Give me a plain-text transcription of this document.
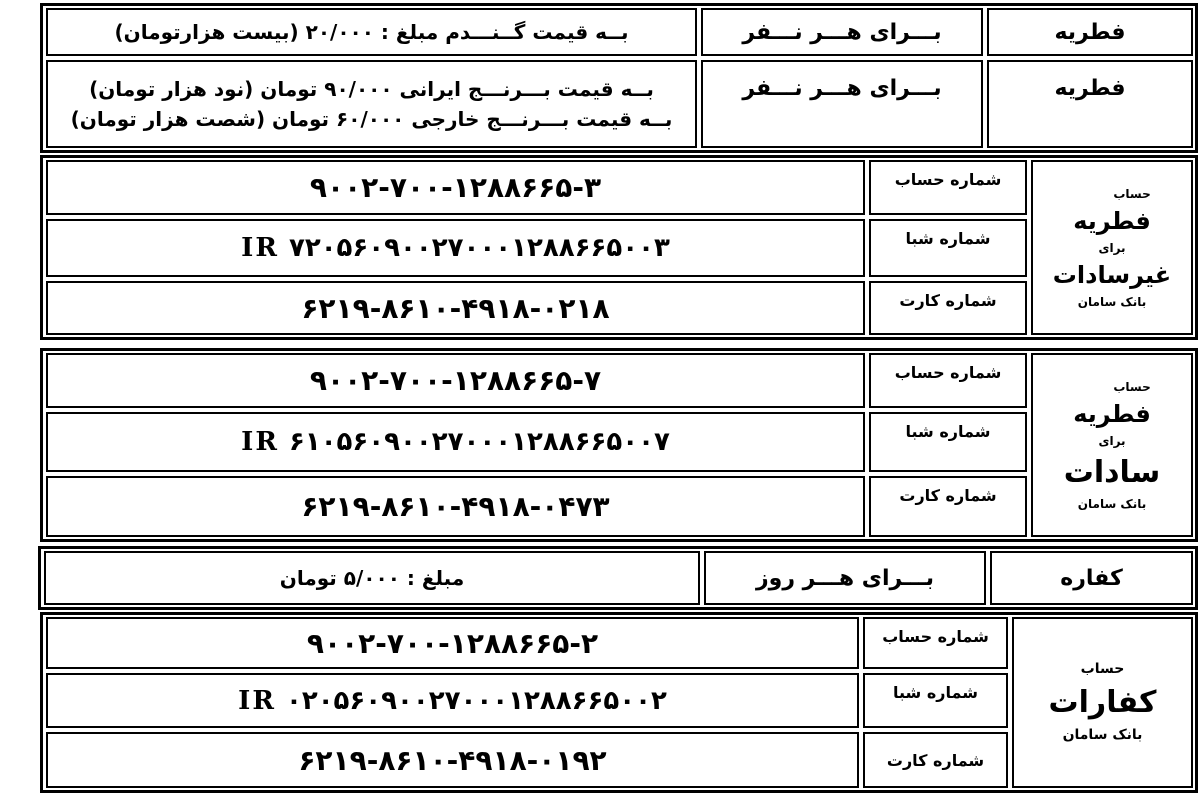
فطریه
بـــرای هـــر نـــفر
بــه قیمت گــنـــدم مبلغ : ۲۰/۰۰۰ (بیست هزارتومان)
فطریه
بـــرای هـــر نـــفر
بــه قیمت بـــرنـــج ایرانی ۹۰/۰۰۰ تومان (نود هزار تومان)
بــه قیمت بـــرنـــج خارجی ۶۰/۰۰۰ تومان (شصت هزار تومان)
حساب
فطریه
برای
غیرسادات
بانک سامان
شماره حساب
۹۰۰۲-۷۰۰-۱۲۸۸۶۶۵-۳
شماره شبا
IR ۷۲۰۵۶۰۹۰۰۲۷۰۰۰۱۲۸۸۶۶۵۰۰۳
شماره کارت
۶۲۱۹-۸۶۱۰-۴۹۱۸-۰۲۱۸
حساب
فطریه
برای
سادات
بانک سامان
شماره حساب
۹۰۰۲-۷۰۰-۱۲۸۸۶۶۵-۷
شماره شبا
IR ۶۱۰۵۶۰۹۰۰۲۷۰۰۰۱۲۸۸۶۶۵۰۰۷
شماره کارت
۶۲۱۹-۸۶۱۰-۴۹۱۸-۰۴۷۳
کفاره
بـــرای هـــر روز
مبلغ : ۵/۰۰۰ تومان
حساب
کفارات
بانک سامان
شماره حساب
۹۰۰۲-۷۰۰-۱۲۸۸۶۶۵-۲
شماره شبا
IR ۰۲۰۵۶۰۹۰۰۲۷۰۰۰۱۲۸۸۶۶۵۰۰۲
شماره کارت
۶۲۱۹-۸۶۱۰-۴۹۱۸-۰۱۹۲
